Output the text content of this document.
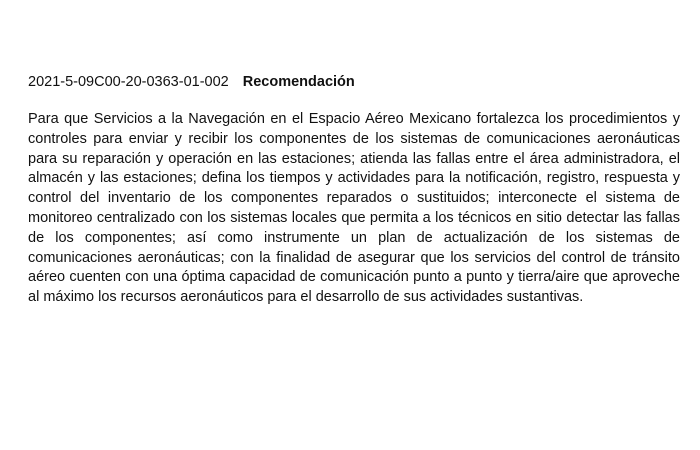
2021-5-09C00-20-0363-01-002 Recomendación

Para que Servicios a la Navegación en el Espacio Aéreo Mexicano fortalezca los procedimientos y controles para enviar y recibir los componentes de los sistemas de comunicaciones aeronáuticas para su reparación y operación en las estaciones; atienda las fallas entre el área administradora, el almacén y las estaciones; defina los tiempos y actividades para la notificación, registro, respuesta y control del inventario de los componentes reparados o sustituidos; interconecte el sistema de monitoreo centralizado con los sistemas locales que permita a los técnicos en sitio detectar las fallas de los componentes; así como instrumente un plan de actualización de los sistemas de comunicaciones aeronáuticas; con la finalidad de asegurar que los servicios del control de tránsito aéreo cuenten con una óptima capacidad de comunicación punto a punto y tierra/aire que aproveche al máximo los recursos aeronáuticos para el desarrollo de sus actividades sustantivas.
